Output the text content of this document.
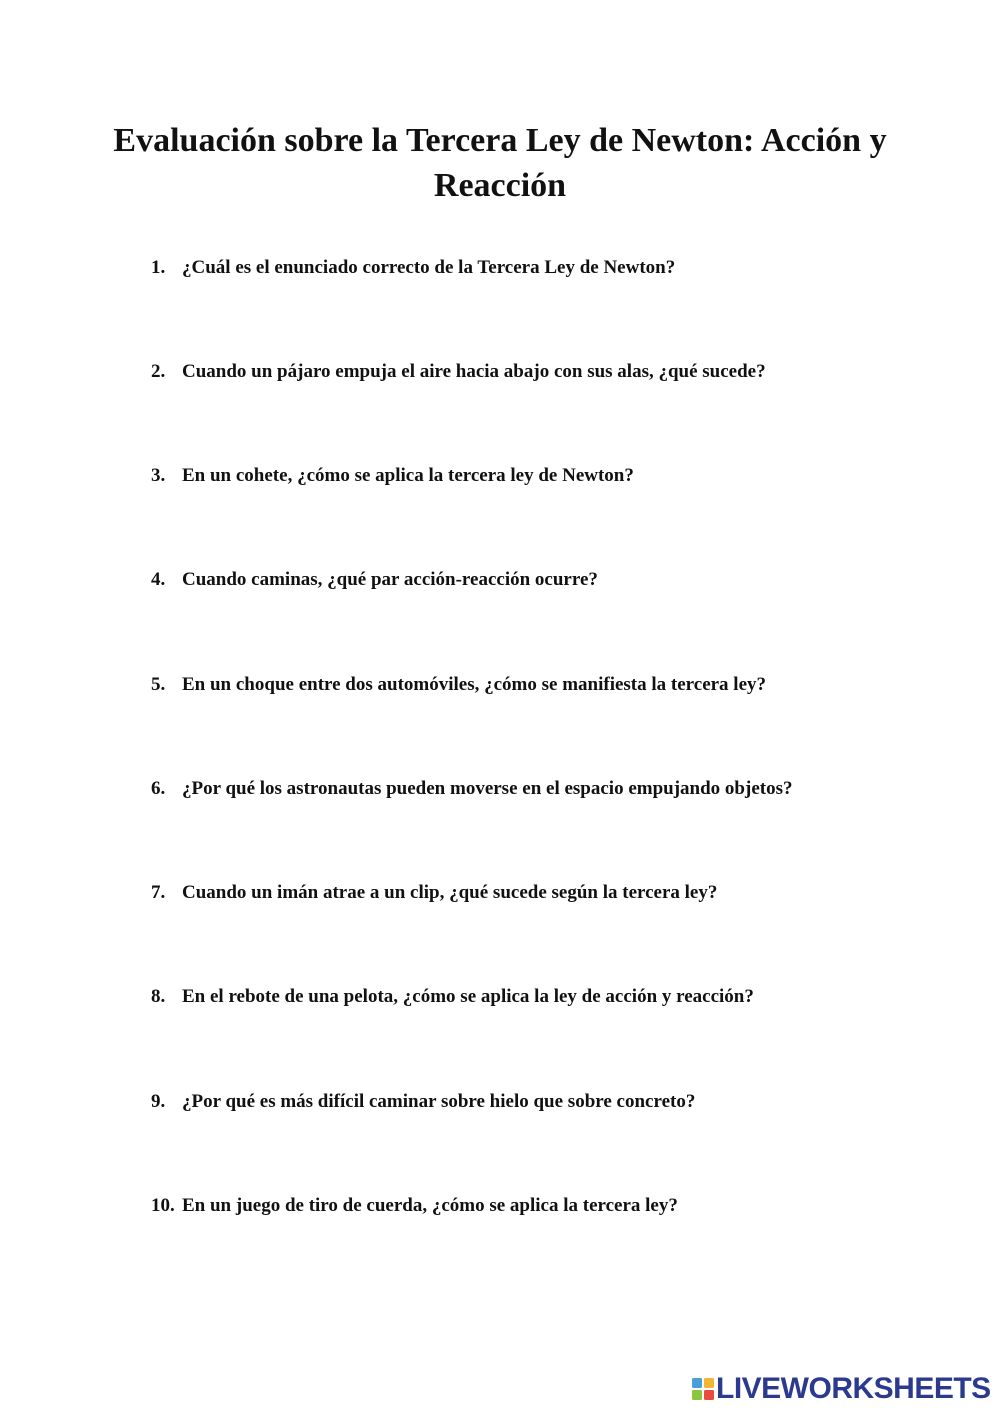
Evaluación sobre la Tercera Ley de Newton: Acción y Reacción
1. ¿Cuál es el enunciado correcto de la Tercera Ley de Newton?
2. Cuando un pájaro empuja el aire hacia abajo con sus alas, ¿qué sucede?
3. En un cohete, ¿cómo se aplica la tercera ley de Newton?
4. Cuando caminas, ¿qué par acción-reacción ocurre?
5. En un choque entre dos automóviles, ¿cómo se manifiesta la tercera ley?
6. ¿Por qué los astronautas pueden moverse en el espacio empujando objetos?
7. Cuando un imán atrae a un clip, ¿qué sucede según la tercera ley?
8. En el rebote de una pelota, ¿cómo se aplica la ley de acción y reacción?
9. ¿Por qué es más difícil caminar sobre hielo que sobre concreto?
10. En un juego de tiro de cuerda, ¿cómo se aplica la tercera ley?
LIVEWORKSHEETS
